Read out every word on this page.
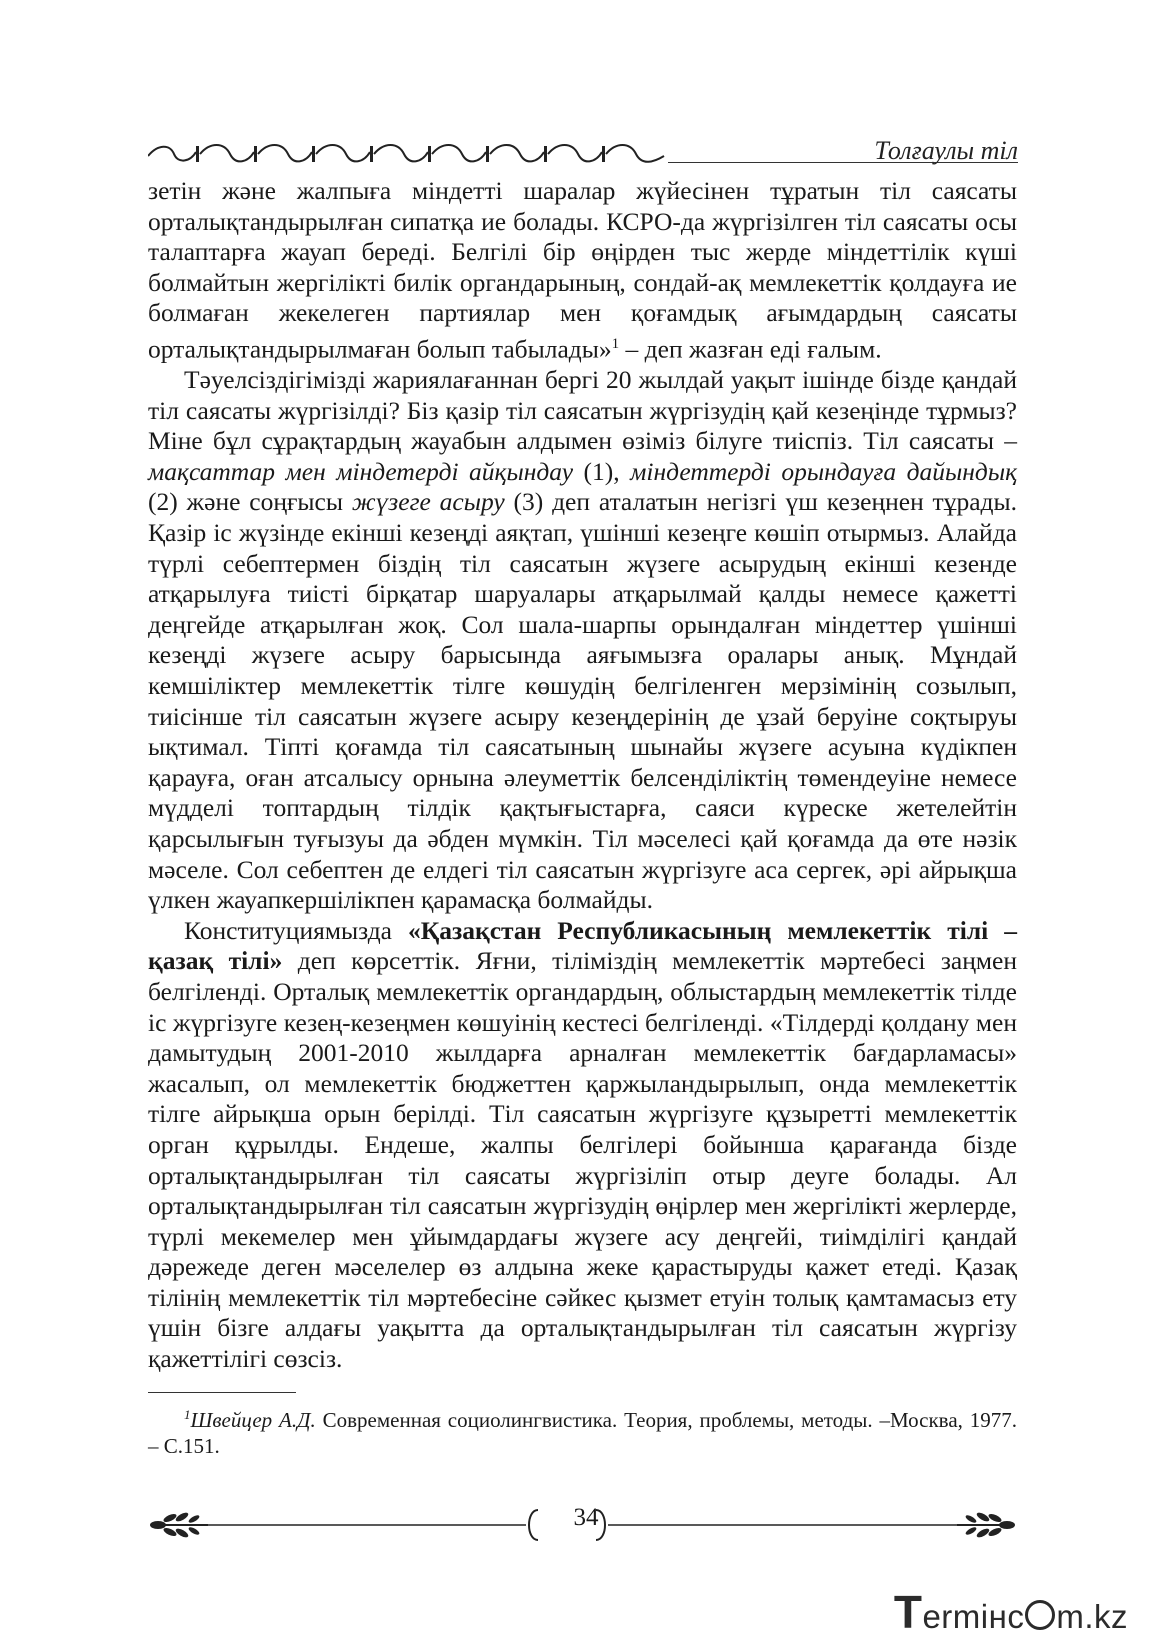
Толғаулы тіл

зетін және жалпыға міндетті шаралар жүйесінен тұратын тіл саясаты орталықтандырылған сипатқа ие болады. КСРО-да жүргізілген тіл саясаты осы талаптарға жауап береді. Белгілі бір өңірден тыс жерде міндеттілік күші болмайтын жергілікті билік органдарының, сондай-ақ мемлекеттік қолдауға ие болмаған жекелеген партиялар мен қоғамдық ағымдардың саясаты орталықтандырылмаған болып табылады»$^1$ – деп жазған еді ғалым.

Тәуелсіздігімізді жариялағаннан бергі 20 жылдай уақыт ішінде бізде қандай тіл саясаты жүргізілді? Біз қазір тіл саясатын жүргізудің қай кезеңінде тұрмыз? Міне бұл сұрақтардың жауабын алдымен өзіміз білуге тиіспіз. Тіл саясаты – мақсаттар мен міндетерді айқындау (1), міндеттерді орындауға дайындық (2) және соңғысы жүзеге асыру (3) деп аталатын негізгі үш кезеңнен тұрады. Қазір іс жүзінде екінші кезеңді аяқтап, үшінші кезеңге көшіп отырмыз. Алайда түрлі себептермен біздің тіл саясатын жүзеге асырудың екінші кезенде атқарылуға тиісті бірқатар шаруалары атқарылмай қалды немесе қажетті деңгейде атқарылған жоқ. Сол шала-шарпы орындалған міндеттер үшінші кезеңді жүзеге асыру барысында аяғымызға оралары анық. Мұндай кемшіліктер мемлекеттік тілге көшудің белгіленген мерзімінің созылып, тиісінше тіл саясатын жүзеге асыру кезеңдерінің де ұзай беруіне соқтыруы ықтимал. Тіпті қоғамда тіл саясатының шынайы жүзеге асуына күдікпен қарауға, оған атсалысу орнына әлеуметтік белсенділіктің төмендеуіне немесе мүдделі топтардың тілдік қақтығыстарға, саяси күреске жетелейтін қарсылығын туғызуы да әбден мүмкін. Тіл мәселесі қай қоғамда да өте нәзік мәселе. Сол себептен де елдегі тіл саясатын жүргізуге аса сергек, әрі айрықша үлкен жауапкершілікпен қарамасқа болмайды.

Конституциямызда «Қазақстан Республикасының мемлекеттік тілі – қазақ тілі» деп көрсеттік. Яғни, тіліміздің мемлекеттік мәртебесі заңмен белгіленді. Орталық мемлекеттік органдардың, облыстардың мемлекеттік тілде іс жүргізуге кезең-кезеңмен көшуінің кестесі белгіленді. «Тілдерді қолдану мен дамытудың 2001-2010 жылдарға арналған мемлекеттік бағдарламасы» жасалып, ол мемлекеттік бюджеттен қаржыландырылып, онда мемлекеттік тілге айрықша орын берілді. Тіл саясатын жүргізуге құзыретті мемлекеттік орган құрылды. Ендеше, жалпы белгілері бойынша қарағанда бізде орталықтандырылған тіл саясаты жүргізіліп отыр деуге болады. Ал орталықтандырылған тіл саясатын жүргізудің өңірлер мен жергілікті жерлерде, түрлі мекемелер мен ұйымдардағы жүзеге асу деңгейі, тиімділігі қандай дәрежеде деген мәселелер өз алдына жеке қарастыруды қажет етеді. Қазақ тілінің мемлекеттік тіл мәртебесіне сәйкес қызмет етуін толық қамтамасыз ету үшін бізге алдағы уақытта да орталықтандырылған тіл саясатын жүргізу қажеттілігі сөзсіз.

$^1$Швейцер А.Д. Современная социолингвистика. Теория, проблемы, методы. –Москва, 1977. – С.151.
34
Termінc m.kz
